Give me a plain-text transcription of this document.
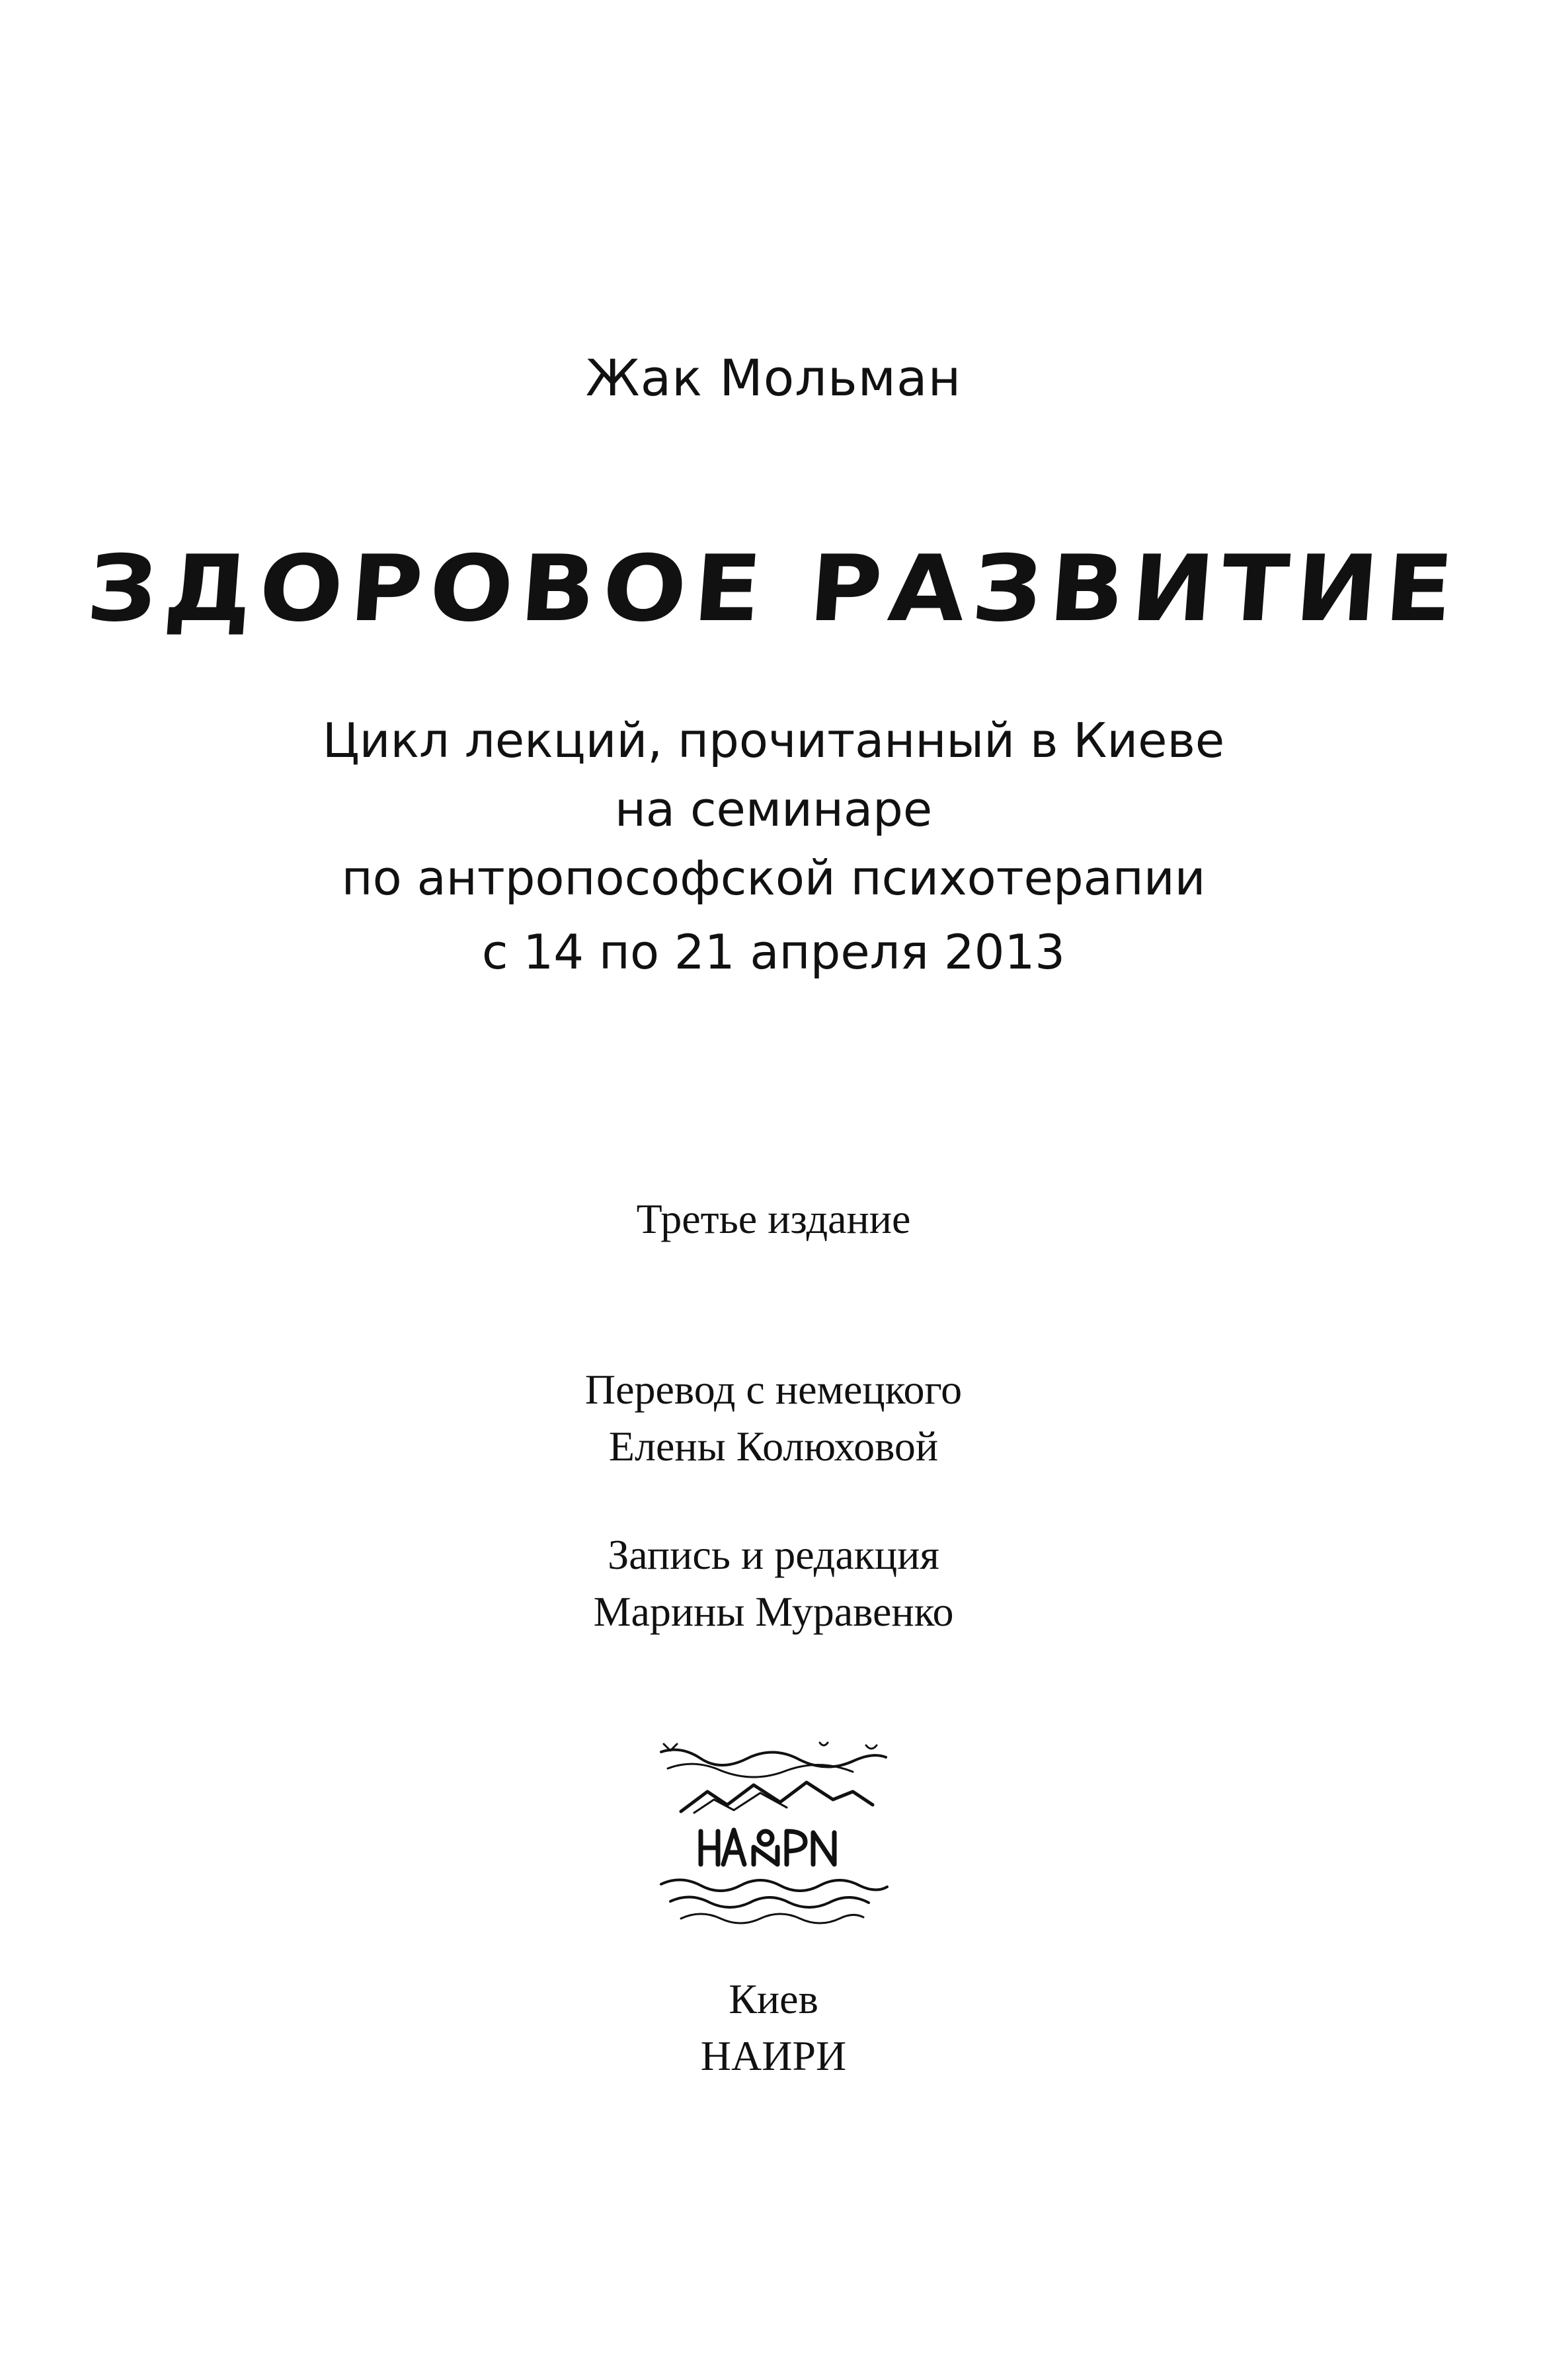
Жак Мольман
ЗДОРОВОЕ РАЗВИТИЕ
Цикл лекций, прочитанный в Киеве
на семинаре
по антропософской психотерапии
с 14 по 21 апреля 2013
Третье издание
Перевод с немецкого
Елены Колюховой
Запись и редакция
Марины Муравенко
Киев
НАИРИ
